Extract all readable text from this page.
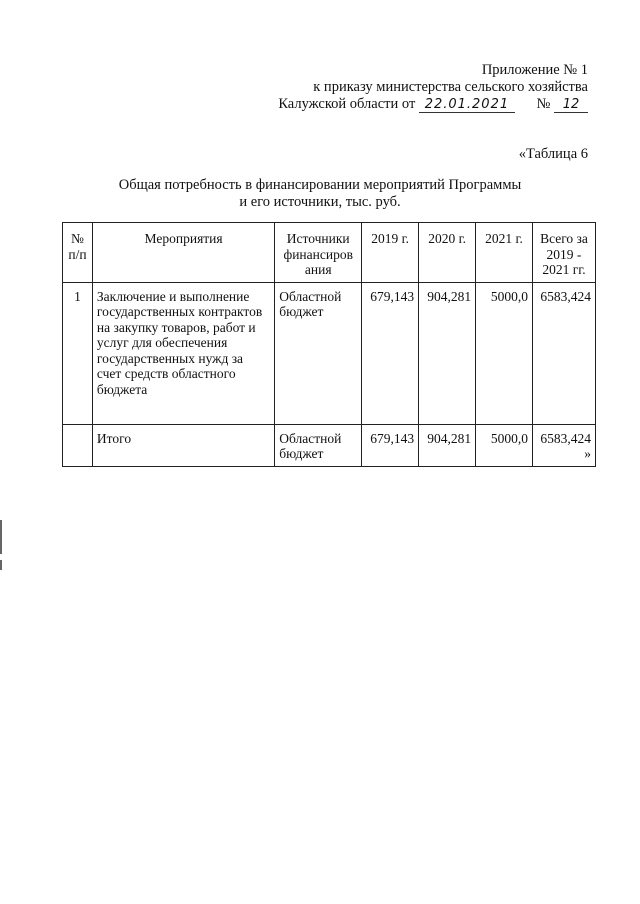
Приложение № 1
к приказу министерства сельского хозяйства
Калужской области от 22.01.2021 № 12
«Таблица 6
Общая потребность в финансировании мероприятий Программы
и его источники, тыс. руб.
№ п/п	Мероприятия	Источники финансиров ания	2019 г.	2020 г.	2021 г.	Всего за 2019 - 2021 гг.
1	Заключение и выполнение государственных контрактов на закупку товаров, работ и услуг для обеспечения государственных нужд за счет средств областного бюджета	Областной бюджет	679,143	904,281	5000,0	6583,424
	Итого	Областной бюджет	679,143	904,281	5000,0	6583,424
»
